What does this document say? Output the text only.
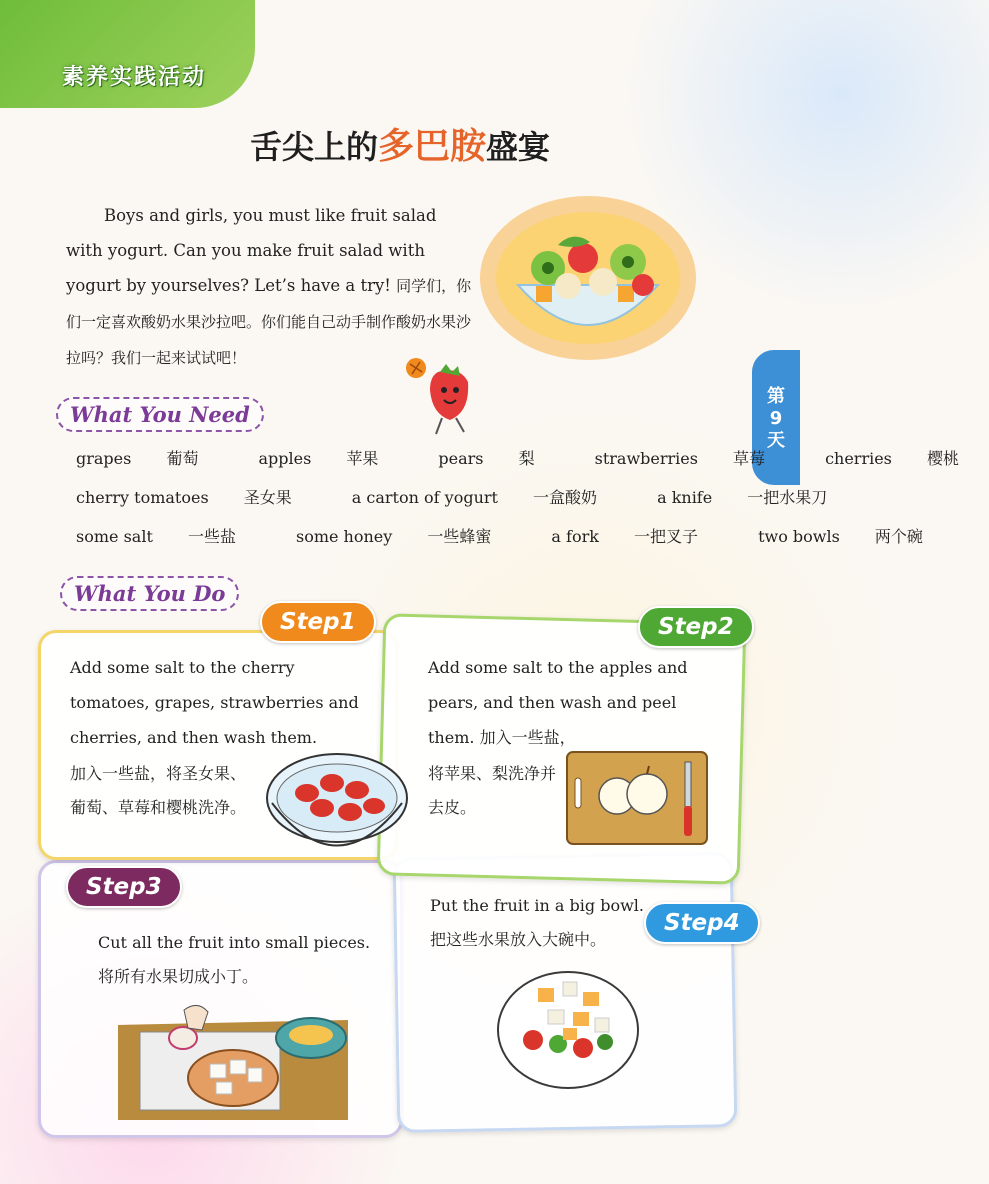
素养实践活动
舌尖上的多巴胺盛宴
Boys and girls, you must like fruit salad with yogurt. Can you make fruit salad with yogurt by yourselves? Let’s have a try! 同学们，你们一定喜欢酸奶水果沙拉吧。你们能自己动手制作酸奶水果沙拉吗？我们一起来试试吧！
第
9
天
What You Need
grapes 葡萄	apples 苹果	pears 梨	strawberries 草莓	cherries 樱桃
cherry tomatoes 圣女果	a carton of yogurt 一盒酸奶	a knife 一把水果刀
some salt 一些盐	some honey 一些蜂蜜	a fork 一把叉子	two bowls 两个碗
What You Do
Step1	Step2
Step3
Step4
Add some salt to the cherry tomatoes, grapes, strawberries and cherries, and then wash them.
加入一些盐，将圣女果、葡萄、草莓和樱桃洗净。
Add some salt to the apples and pears, and then wash and peel them. 加入一些盐，
将苹果、梨洗净并去皮。
Cut all the fruit into small pieces.
将所有水果切成小丁。
Put the fruit in a big bowl.
把这些水果放入大碗中。
